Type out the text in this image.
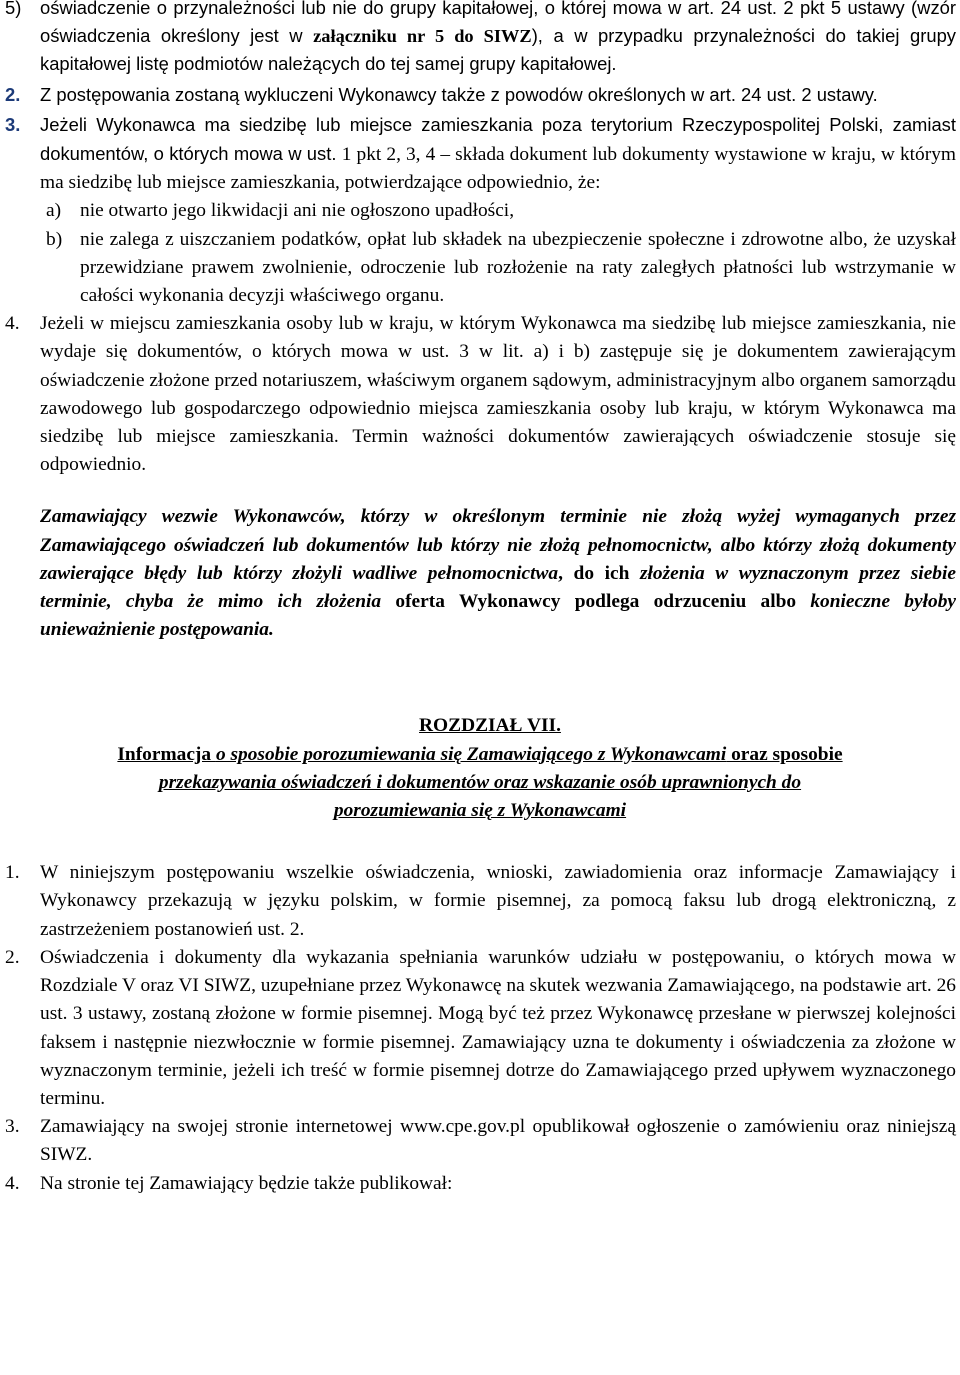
5) oświadczenie o przynależności lub nie do grupy kapitałowej, o której mowa w art. 24 ust. 2 pkt 5 ustawy (wzór oświadczenia określony jest w załączniku nr 5 do SIWZ), a w przypadku przynależności do takiej grupy kapitałowej listę podmiotów należących do tej samej grupy kapitałowej.
2. Z postępowania zostaną wykluczeni Wykonawcy także z powodów określonych w art. 24 ust. 2 ustawy.
3. Jeżeli Wykonawca ma siedzibę lub miejsce zamieszkania poza terytorium Rzeczypospolitej Polski, zamiast dokumentów, o których mowa w ust. 1 pkt 2, 3, 4 – składa dokument lub dokumenty wystawione w kraju, w którym ma siedzibę lub miejsce zamieszkania, potwierdzające odpowiednio, że:
a) nie otwarto jego likwidacji ani nie ogłoszono upadłości,
b) nie zalega z uiszczaniem podatków, opłat lub składek na ubezpieczenie społeczne i zdrowotne albo, że uzyskał przewidziane prawem zwolnienie, odroczenie lub rozłożenie na raty zaległych płatności lub wstrzymanie w całości wykonania decyzji właściwego organu.
4. Jeżeli w miejscu zamieszkania osoby lub w kraju, w którym Wykonawca ma siedzibę lub miejsce zamieszkania, nie wydaje się dokumentów, o których mowa w ust. 3 w lit. a) i b) zastępuje się je dokumentem zawierającym oświadczenie złożone przed notariuszem, właściwym organem sądowym, administracyjnym albo organem samorządu zawodowego lub gospodarczego odpowiednio miejsca zamieszkania osoby lub kraju, w którym Wykonawca ma siedzibę lub miejsce zamieszkania. Termin ważności dokumentów zawierających oświadczenie stosuje się odpowiednio.
Zamawiający wezwie Wykonawców, którzy w określonym terminie nie złożą wyżej wymaganych przez Zamawiającego oświadczeń lub dokumentów lub którzy nie złożą pełnomocnictw, albo którzy złożą dokumenty zawierające błędy lub którzy złożyli wadliwe pełnomocnictwa, do ich złożenia w wyznaczonym przez siebie terminie, chyba że mimo ich złożenia oferta Wykonawcy podlega odrzuceniu albo konieczne byłoby unieważnienie postępowania.
ROZDZIAŁ VII.
Informacja o sposobie porozumiewania się Zamawiającego z Wykonawcami oraz sposobie
przekazywania oświadczeń i dokumentów oraz wskazanie osób uprawnionych do
porozumiewania się z Wykonawcami
1. W niniejszym postępowaniu wszelkie oświadczenia, wnioski, zawiadomienia oraz informacje Zamawiający i Wykonawcy przekazują w języku polskim, w formie pisemnej, za pomocą faksu lub drogą elektroniczną, z zastrzeżeniem postanowień ust. 2.
2. Oświadczenia i dokumenty dla wykazania spełniania warunków udziału w postępowaniu, o których mowa w Rozdziale V oraz VI SIWZ, uzupełniane przez Wykonawcę na skutek wezwania Zamawiającego, na podstawie art. 26 ust. 3 ustawy, zostaną złożone w formie pisemnej. Mogą być też przez Wykonawcę przesłane w pierwszej kolejności faksem i następnie niezwłocznie w formie pisemnej. Zamawiający uzna te dokumenty i oświadczenia za złożone w wyznaczonym terminie, jeżeli ich treść w formie pisemnej dotrze do Zamawiającego przed upływem wyznaczonego terminu.
3. Zamawiający na swojej stronie internetowej www.cpe.gov.pl opublikował ogłoszenie o zamówieniu oraz niniejszą SIWZ.
4. Na stronie tej Zamawiający będzie także publikował:
